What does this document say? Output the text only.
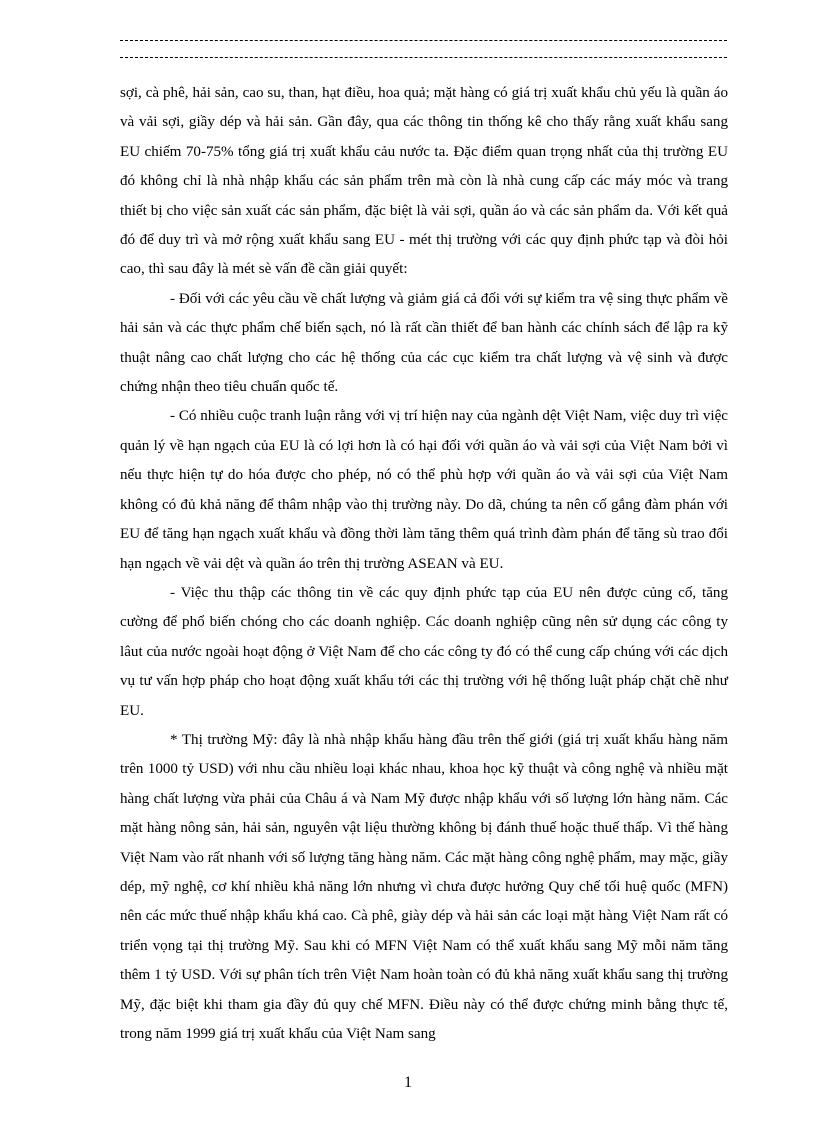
sợi, cà phê, hải sản, cao su, than, hạt điều, hoa quả; mặt hàng có giá trị xuất khẩu chủ yếu là quần áo và vải sợi, giầy dép và hải sản. Gần đây, qua các thông tin thống kê cho thấy rằng xuất khẩu sang EU chiếm 70-75% tổng giá trị xuất khẩu cảu nước ta. Đặc điểm quan trọng nhất của thị trường EU đó không chỉ là nhà nhập khẩu các sản phẩm trên mà còn là nhà cung cấp các máy móc và trang thiết bị cho việc sản xuất các sản phẩm, đặc biệt là vải sợi, quần áo và các sản phẩm da. Với kết quả đó để duy trì và mở rộng xuất khẩu sang EU - mét thị trường với các quy định phức tạp và đòi hỏi cao, thì sau đây là mét sè vấn đề cần giải quyết:

- Đối với các yêu cầu về chất lượng và giảm giá cả đối với sự kiểm tra vệ sing thực phẩm về hải sản và các thực phẩm chế biến sạch, nó là rất cần thiết để ban hành các chính sách để lập ra kỹ thuật nâng cao chất lượng cho các hệ thống của các cục kiểm tra chất lượng và vệ sinh và được chứng nhận theo tiêu chuẩn quốc tế.

- Có nhiều cuộc tranh luận rằng với vị trí hiện nay của ngành dệt Việt Nam, việc duy trì việc quản lý về hạn ngạch của EU là có lợi hơn là có hại đối với quần áo và vải sợi của Việt Nam bởi vì nếu thực hiện tự do hóa được cho phép, nó có thể phù hợp với quần áo và vải sợi của Việt Nam không có đủ khả năng để thâm nhập vào thị trường này. Do dã, chúng ta nên cố gắng đàm phán với EU để tăng hạn ngạch xuất khẩu và đồng thời làm tăng thêm quá trình đàm phán để tăng sù trao đổi hạn ngạch về vải dệt và quần áo trên thị trường ASEAN và EU.

- Việc thu thập các thông tin về các quy định phức tạp của EU nên được củng cố, tăng cường để phổ biến chóng cho các doanh nghiệp. Các doanh nghiệp cũng nên sử dụng các công ty lâut của nước ngoài hoạt động ở Việt Nam để cho các công ty đó có thể cung cấp chúng với các dịch vụ tư vấn hợp pháp cho hoạt động xuất khẩu tới các thị trường với hệ thống luật pháp chặt chẽ như EU.

* Thị trường Mỹ: đây là nhà nhập khẩu hàng đầu trên thế giới (giá trị xuất khẩu hàng năm trên 1000 tỷ USD) với nhu cầu nhiều loại khác nhau, khoa học kỹ thuật và công nghệ và nhiều mặt hàng chất lượng vừa phải của Châu á và Nam Mỹ được nhập khẩu với số lượng lớn hàng năm. Các mặt hàng nông sản, hải sản, nguyên vật liệu thường không bị đánh thuế hoặc thuế thấp. Vì thế hàng Việt Nam vào rất nhanh với số lượng tăng hàng năm. Các mặt hàng công nghệ phẩm, may mặc, giầy dép, mỹ nghệ, cơ khí nhiều khả năng lớn nhưng vì chưa được hưởng Quy chế tối huệ quốc (MFN) nên các mức thuế nhập khẩu khá cao. Cà phê, giày dép và hải sản các loại mặt hàng Việt Nam rất có triển vọng tại thị trường Mỹ. Sau khi có MFN Việt Nam có thể xuất khẩu sang Mỹ mỗi năm tăng thêm 1 tỷ USD. Với sự phân tích trên Việt Nam hoàn toàn có đủ khả năng xuất khẩu sang thị trường Mỹ, đặc biệt khi tham gia đầy đủ quy chế MFN. Điều này có thể được chứng minh bằng thực tế, trong năm 1999 giá trị xuất khẩu của Việt Nam sang

1
